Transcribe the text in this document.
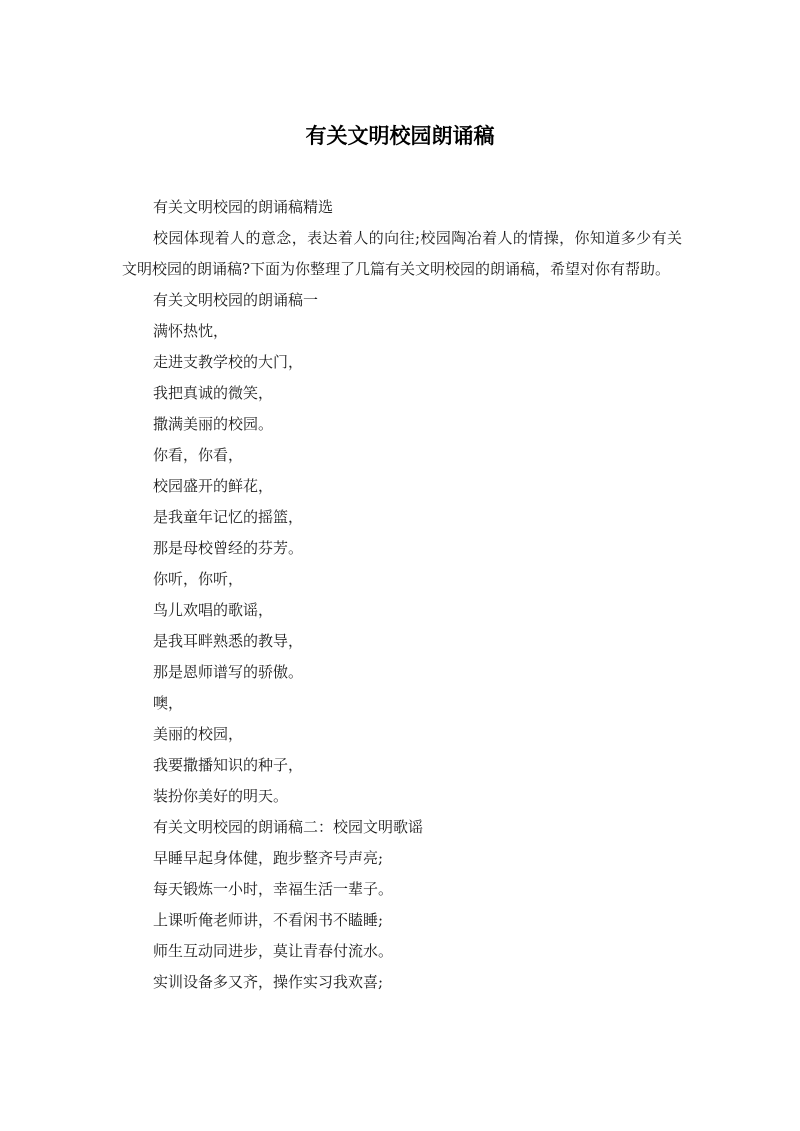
有关文明校园朗诵稿

有关文明校园的朗诵稿精选

校园体现着人的意念，表达着人的向往;校园陶冶着人的情操，你知道多少有关文明校园的朗诵稿?下面为你整理了几篇有关文明校园的朗诵稿，希望对你有帮助。

有关文明校园的朗诵稿一

满怀热忱，

走进支教学校的大门，

我把真诚的微笑，

撒满美丽的校园。

你看，你看，

校园盛开的鲜花，

是我童年记忆的摇篮，

那是母校曾经的芬芳。

你听，你听，

鸟儿欢唱的歌谣，

是我耳畔熟悉的教导，

那是恩师谱写的骄傲。

噢，

美丽的校园，

我要撒播知识的种子，

装扮你美好的明天。

有关文明校园的朗诵稿二：校园文明歌谣

早睡早起身体健，跑步整齐号声亮;

每天锻炼一小时，幸福生活一辈子。

上课听俺老师讲，不看闲书不瞌睡;

师生互动同进步，莫让青春付流水。

实训设备多又齐，操作实习我欢喜;
